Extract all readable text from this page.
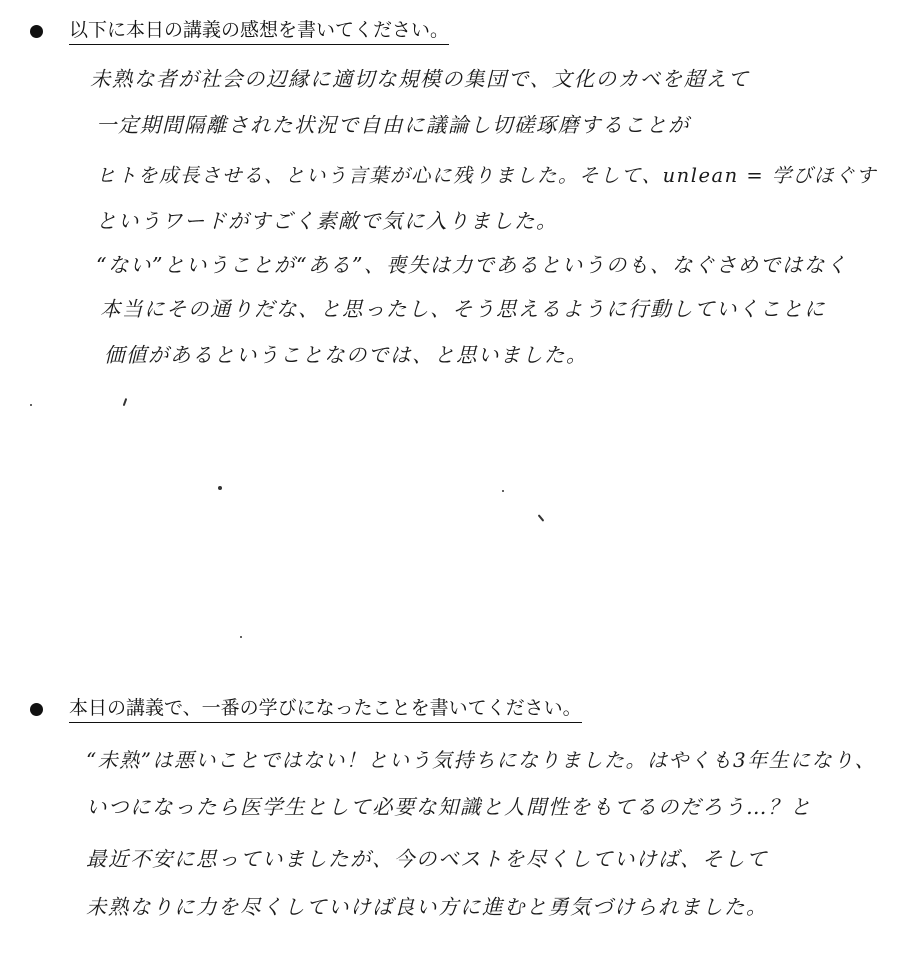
以下に本日の講義の感想を書いてください。
未熟な者が社会の辺縁に適切な規模の集団で、文化のカベを超えて
一定期間隔離された状況で自由に議論し切磋琢磨することが
ヒトを成長させる、という言葉が心に残りました。そして、unlean = 学びほぐす
というワードがすごく素敵で気に入りました。
“ない”ということが“ある”、喪失は力であるというのも、なぐさめではなく
本当にその通りだな、と思ったし、そう思えるように行動していくことに
価値があるということなのでは、と思いました。
本日の講義で、一番の学びになったことを書いてください。
“未熟”は悪いことではない！という気持ちになりました。はやくも3年生になり、
いつになったら医学生として必要な知識と人間性をもてるのだろう…？と
最近不安に思っていましたが、今のベストを尽くしていけば、そして
未熟なりに力を尽くしていけば良い方に進むと勇気づけられました。
